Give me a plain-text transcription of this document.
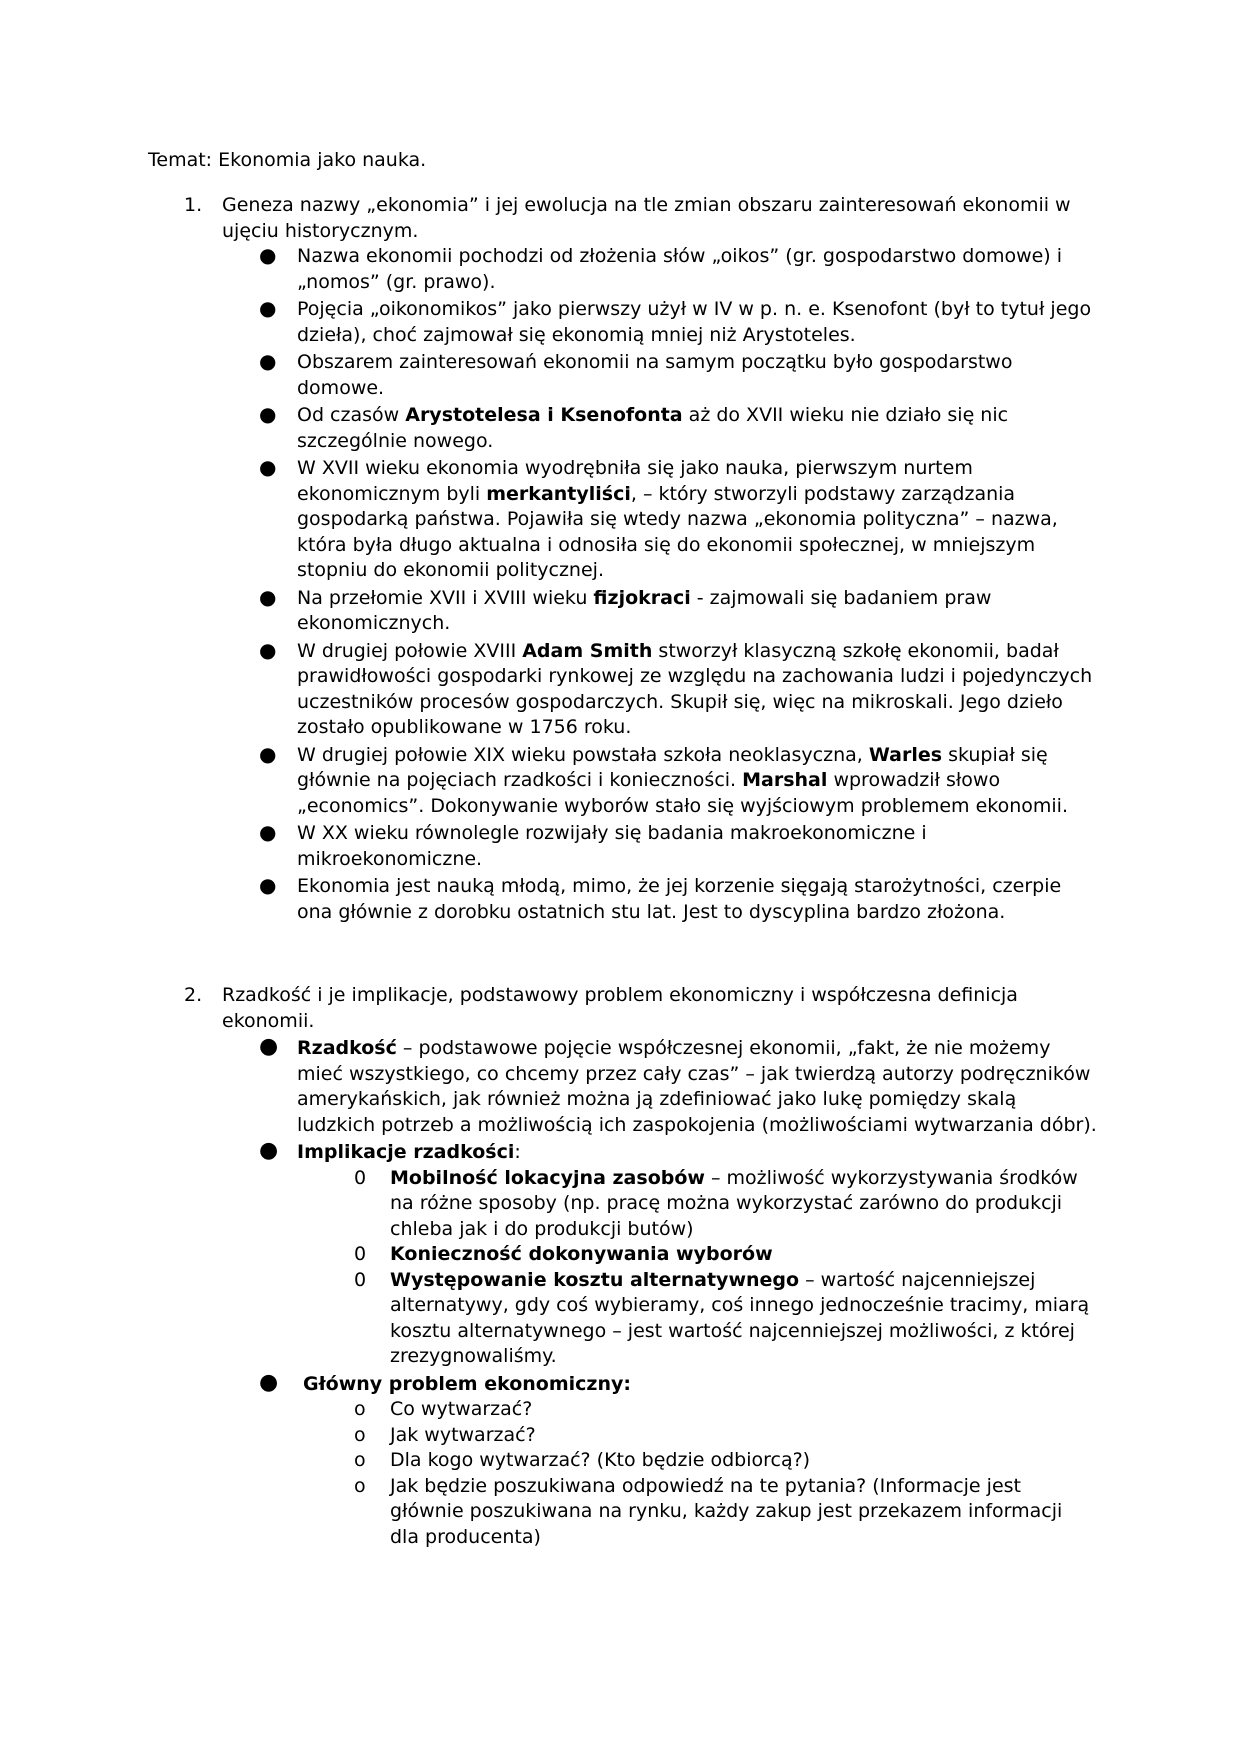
Temat: Ekonomia jako nauka.

1. Geneza nazwy „ekonomia” i jej ewolucja na tle zmian obszaru zainteresowań ekonomii w ujęciu historycznym.
● Nazwa ekonomii pochodzi od złożenia słów „oikos” (gr. gospodarstwo domowe) i „nomos” (gr. prawo).
● Pojęcia „oikonomikos” jako pierwszy użył w IV w p. n. e. Ksenofont (był to tytuł jego dzieła), choć zajmował się ekonomią mniej niż Arystoteles.
● Obszarem zainteresowań ekonomii na samym początku było gospodarstwo domowe.
● Od czasów Arystotelesa i Ksenofonta aż do XVII wieku nie działo się nic szczególnie nowego.
● W XVII wieku ekonomia wyodrębniła się jako nauka, pierwszym nurtem ekonomicznym byli merkantyliści, – który stworzyli podstawy zarządzania gospodarką państwa. Pojawiła się wtedy nazwa „ekonomia polityczna” – nazwa, która była długo aktualna i odnosiła się do ekonomii społecznej, w mniejszym stopniu do ekonomii politycznej.
● Na przełomie XVII i XVIII wieku fizjokraci - zajmowali się badaniem praw ekonomicznych.
● W drugiej połowie XVIII Adam Smith stworzył klasyczną szkołę ekonomii, badał prawidłowości gospodarki rynkowej ze względu na zachowania ludzi i pojedynczych uczestników procesów gospodarczych. Skupił się, więc na mikroskali. Jego dzieło zostało opublikowane w 1756 roku.
● W drugiej połowie XIX wieku powstała szkoła neoklasyczna, Warles skupiał się głównie na pojęciach rzadkości i konieczności. Marshal wprowadził słowo „economics”. Dokonywanie wyborów stało się wyjściowym problemem ekonomii.
● W XX wieku równolegle rozwijały się badania makroekonomiczne i mikroekonomiczne.
● Ekonomia jest nauką młodą, mimo, że jej korzenie sięgają starożytności, czerpie ona głównie z dorobku ostatnich stu lat. Jest to dyscyplina bardzo złożona.
2. Rzadkość i je implikacje, podstawowy problem ekonomiczny i współczesna definicja ekonomii.
● Rzadkość – podstawowe pojęcie współczesnej ekonomii, „fakt, że nie możemy mieć wszystkiego, co chcemy przez cały czas” – jak twierdzą autorzy podręczników amerykańskich, jak również można ją zdefiniować jako lukę pomiędzy skalą ludzkich potrzeb a możliwością ich zaspokojenia (możliwościami wytwarzania dóbr).
● Implikacje rzadkości:
0 Mobilność lokacyjna zasobów – możliwość wykorzystywania środków na różne sposoby (np. pracę można wykorzystać zarówno do produkcji chleba jak i do produkcji butów)
0 Konieczność dokonywania wyborów
0 Występowanie kosztu alternatywnego – wartość najcenniejszej alternatywy, gdy coś wybieramy, coś innego jednocześnie tracimy, miarą kosztu alternatywnego – jest wartość najcenniejszej możliwości, z której zrezygnowaliśmy.
● Główny problem ekonomiczny:
o Co wytwarzać?
o Jak wytwarzać?
o Dla kogo wytwarzać? (Kto będzie odbiorcą?)
o Jak będzie poszukiwana odpowiedź na te pytania? (Informacje jest głównie poszukiwana na rynku, każdy zakup jest przekazem informacji dla producenta)
